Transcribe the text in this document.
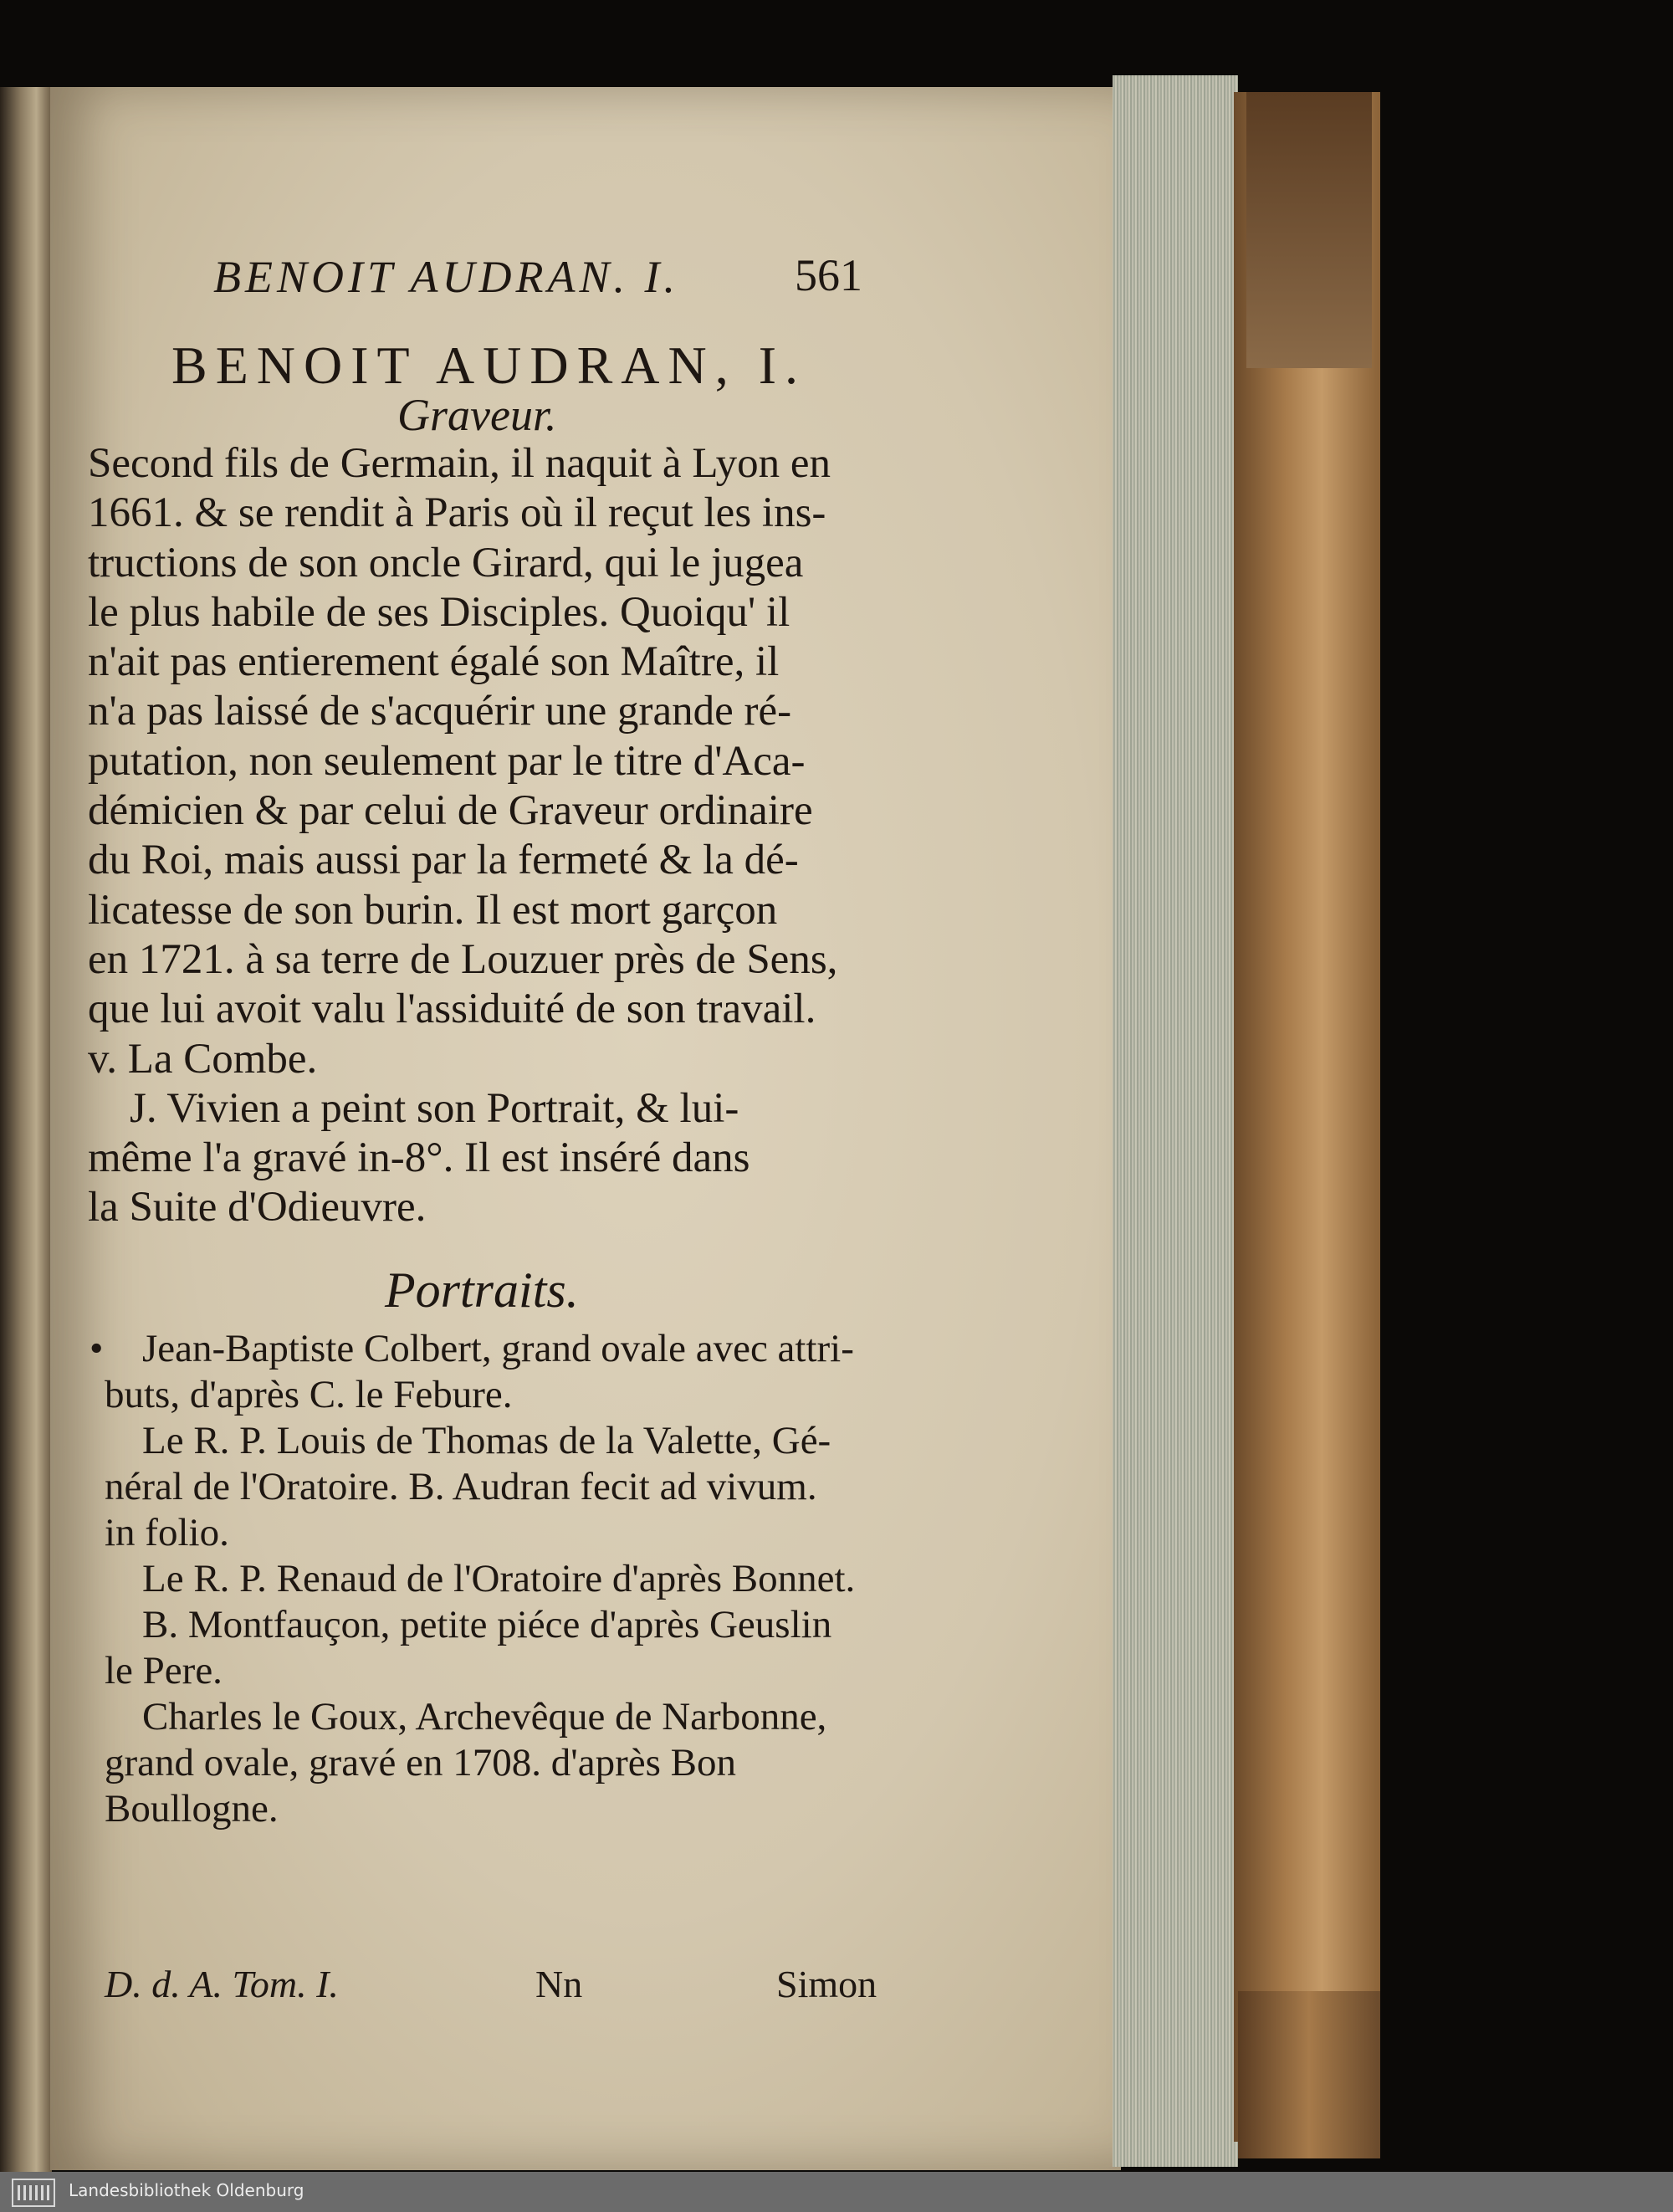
BENOIT AUDRAN. I.	561
BENOIT AUDRAN, I.
Graveur.
Second fils de Germain, il naquit à Lyon en
1661. & se rendit à Paris où il reçut les ins-
tructions de son oncle Girard, qui le jugea
le plus habile de ses Disciples. Quoiqu' il
n'ait pas entierement égalé son Maître, il
n'a pas laissé de s'acquérir une grande ré-
putation, non seulement par le titre d'Aca-
démicien & par celui de Graveur ordinaire
du Roi, mais aussi par la fermeté & la dé-
licatesse de son burin. Il est mort garçon
en 1721. à sa terre de Louzuer près de Sens,
que lui avoit valu l'assiduité de son travail.
v. La Combe.
J. Vivien a peint son Portrait, & lui-
même l'a gravé in-8°. Il est inséré dans
la Suite d'Odieuvre.
Portraits.
• Jean-Baptiste Colbert, grand ovale avec attri-
buts, d'après C. le Febure.
Le R. P. Louis de Thomas de la Valette, Gé-
néral de l'Oratoire. B. Audran fecit ad vivum.
in folio.
Le R. P. Renaud de l'Oratoire d'après Bonnet.
B. Montfauçon, petite piéce d'après Geuslin
le Pere.
Charles le Goux, Archevêque de Narbonne,
grand ovale, gravé en 1708. d'après Bon
Boullogne.
D. d. A. Tom. I.	Nn	Simon
Landesbibliothek Oldenburg
